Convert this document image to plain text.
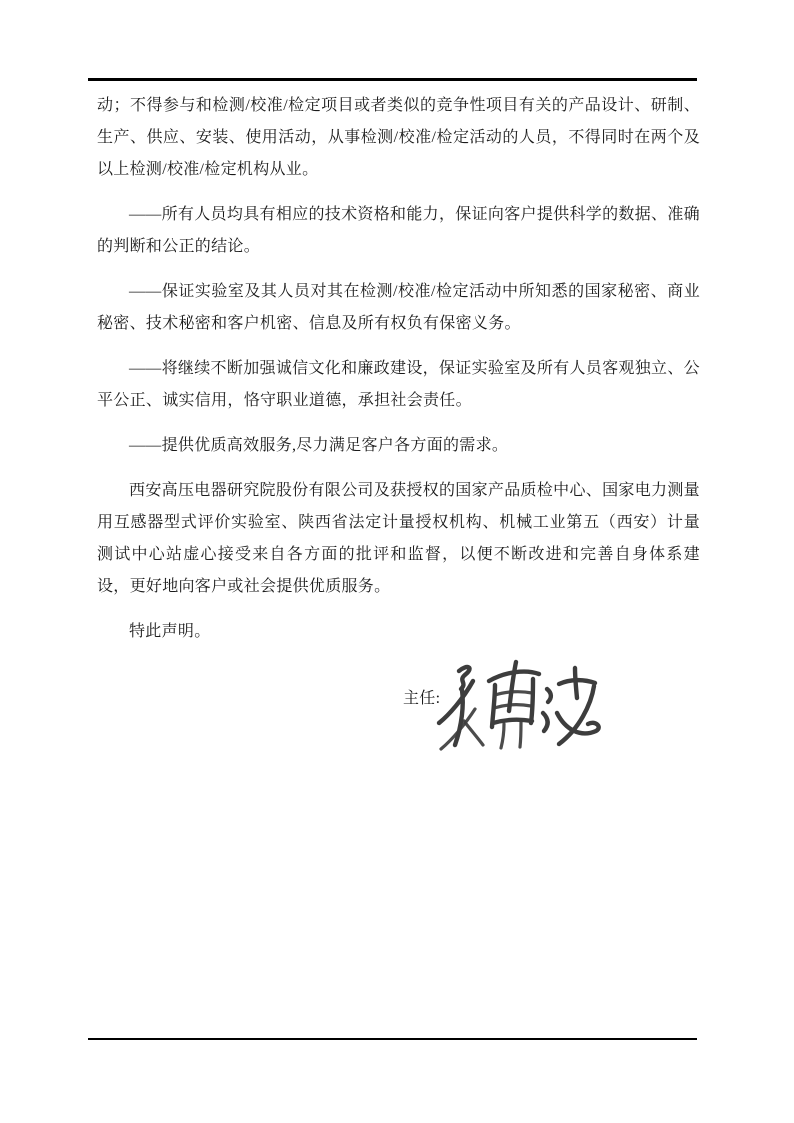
动；不得参与和检测/校准/检定项目或者类似的竞争性项目有关的产品设计、研制、生产、供应、安装、使用活动，从事检测/校准/检定活动的人员，不得同时在两个及以上检测/校准/检定机构从业。

——所有人员均具有相应的技术资格和能力，保证向客户提供科学的数据、准确的判断和公正的结论。

——保证实验室及其人员对其在检测/校准/检定活动中所知悉的国家秘密、商业秘密、技术秘密和客户机密、信息及所有权负有保密义务。

——将继续不断加强诚信文化和廉政建设，保证实验室及所有人员客观独立、公平公正、诚实信用，恪守职业道德，承担社会责任。

——提供优质高效服务,尽力满足客户各方面的需求。

西安高压电器研究院股份有限公司及获授权的国家产品质检中心、国家电力测量用互感器型式评价实验室、陕西省法定计量授权机构、机械工业第五（西安）计量测试中心站虚心接受来自各方面的批评和监督，以便不断改进和完善自身体系建设，更好地向客户或社会提供优质服务。

特此声明。

主任:
